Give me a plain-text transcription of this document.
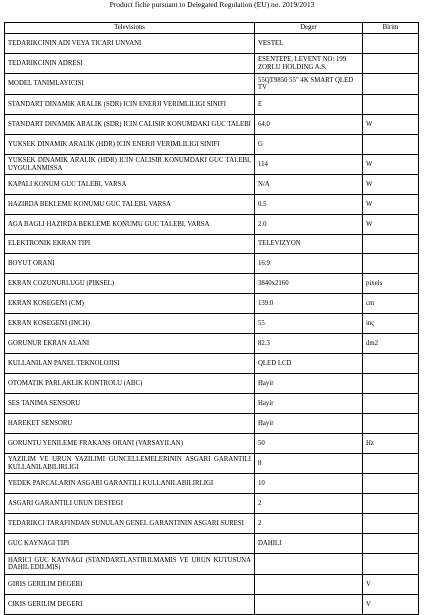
Product fiche pursuant to Delegated Regulation (EU) no. 2019/2013
Televisions	Deger	Birim
TEDARIKCININ ADI VEYA TICARI UNVANI	VESTEL	
TEDARIKCININ ADRESI	ESENTEPE, LEVENT NO: 199 ZORLU HOLDING A.S.	
MODEL TANIMLAYICISI	55QT9850 55" 4K SMART QLED TV	
STANDART DINAMIK ARALIK (SDR) ICIN ENERJI VERIMLILIGI SINIFI	E	
STANDART DINAMIK ARALIK (SDR) ICIN CALISIR KONUMDAKI GUC TALEBI	64.0	W
YUKSEK DINAMIK ARALIK (HDR) ICIN ENERJI VERIMLILIGI SINIFI	G	
YUKSEK DINAMIK ARALIK (HDR) ICIN CALISIR KONUMDAKI GUC TALEBI, UYGULANMISSA	114	W
KAPALI KONUM GUC TALEBI, VARSA	N/A	W
HAZIRDA BEKLEME KONUMU GUC TALEBI, VARSA	0.5	W
AGA BAGLI HAZIRDA BEKLEME KONUMU GUC TALEBI, VARSA	2.0	W
ELEKTRONIK EKRAN TIPI	TELEVIZYON	
BOYUT ORANI	16:9	
EKRAN COZUNURLUGU (PIKSEL)	3840x2160	pixels
EKRAN KOSEGENI (CM)	139.0	cm
EKRAN KOSEGENI (INCH)	55	inç
GORUNUR EKRAN ALANI	82.3	dm2
KULLANILAN PANEL TEKNOLOJISI	QLED LCD	
OTOMATIK PARLAKLIK KONTROLU (ABC)	Hayir	
SES TANIMA SENSORU	Hayir	
HAREKET SENSORU	Hayir	
GORUNTU YENILEME FRAKANS ORANI (VARSAYILAN)	50	Hz
YAZILIM VE URUN YAZILIMI GUNCELLEMELERININ ASGARI GARANTILI KULLANILABILIRLIGI	8	
YEDEK PARCALARIN ASGARI GARANTILI KULLANILABILIRLIGI	10	
ASGARI GARANTILI URUN DESTEGI	2	
TEDARIKCI TARAFINDAN SUNULAN GENEL GARANTININ ASGARI SURESI	2	
GUC KAYNAGI TIPI	DAHILI	
HARICI GUC KAYNAGI (STANDARTLASTIRILMAMIS VE URUN KUTUSUNA DAHIL EDILMIS)		
GIRIS GERILIM DEGERI		V
CIKIS GERILIM DEGERI		V
